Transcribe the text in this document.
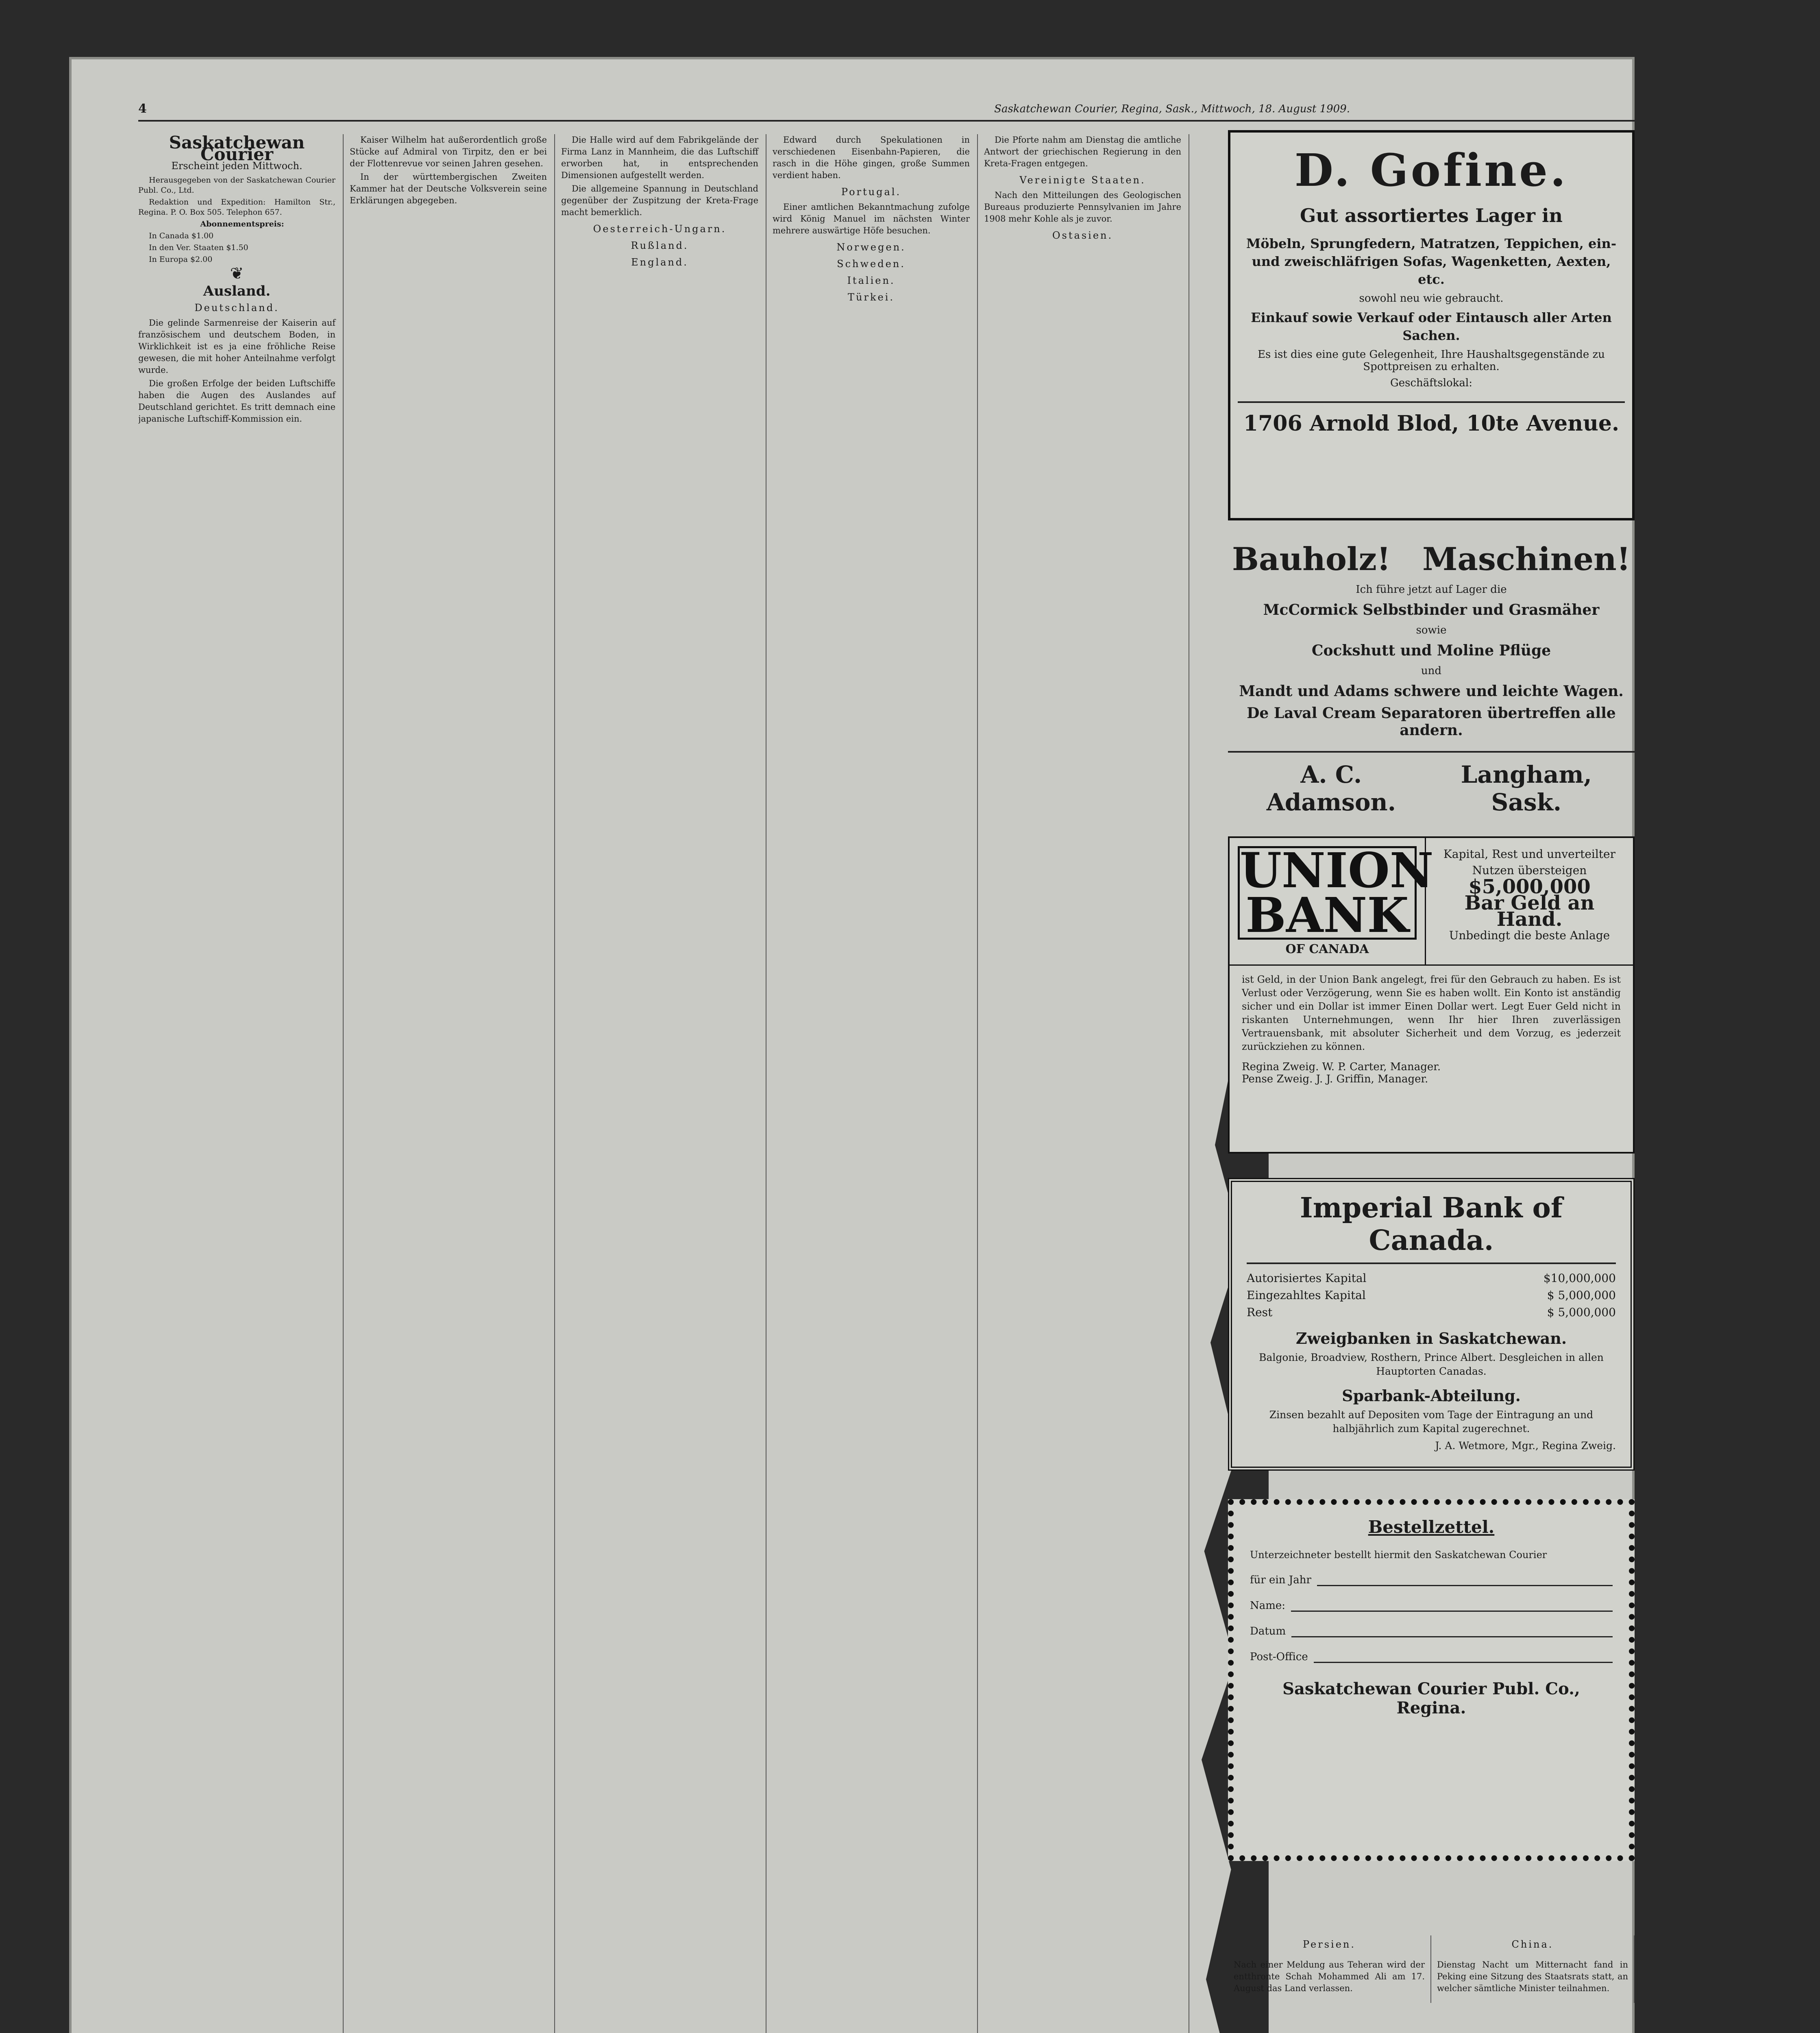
4	Saskatchewan Courier, Regina, Sask., Mittwoch, 18. August 1909.
Saskatchewan Courier
Erscheint jeden Mittwoch.

Herausgegeben von der Saskatchewan Courier Publ. Co., Ltd.

Redaktion und Expedition: Hamilton Str., Regina. P. O. Box 505. Telephon 657.

Abonnementspreis:

In Canada $1.00

In den Ver. Staaten $1.50

In Europa $2.00

❦
Ausland.
Deutschland.

Die gelinde Sarmenreise der Kaiserin auf französischem und deutschem Boden, in Wirklichkeit ist es ja eine fröhliche Reise gewesen, die mit hoher Anteilnahme verfolgt wurde.

Die großen Erfolge der beiden Luftschiffe haben die Augen des Auslandes auf Deutschland gerichtet. Es tritt demnach eine japanische Luftschiff-Kommission ein.

Kaiser Wilhelm hat außerordentlich große Stücke auf Admiral von Tirpitz, den er bei der Flottenrevue vor seinen Jahren gesehen.

In der württembergischen Zweiten Kammer hat der Deutsche Volksverein seine Erklärungen abgegeben.

Die Halle wird auf dem Fabrikgelände der Firma Lanz in Mannheim, die das Luftschiff erworben hat, in entsprechenden Dimensionen aufgestellt werden.

Die allgemeine Spannung in Deutschland gegenüber der Zuspitzung der Kreta-Frage macht bemerklich.

Oesterreich-Ungarn.
Rußland.
England.

Edward durch Spekulationen in verschiedenen Eisenbahn-Papieren, die rasch in die Höhe gingen, große Summen verdient haben.

Portugal.

Einer amtlichen Bekanntmachung zufolge wird König Manuel im nächsten Winter mehrere auswärtige Höfe besuchen.

Norwegen.
Schweden.
Italien.
Türkei.

Die Pforte nahm am Dienstag die amtliche Antwort der griechischen Regierung in den Kreta-Fragen entgegen.

Vereinigte Staaten.

Nach den Mitteilungen des Geologischen Bureaus produzierte Pennsylvanien im Jahre 1908 mehr Kohle als je zuvor.

Ostasien.
D. Gofine.
Gut assortiertes Lager in
Möbeln, Sprungfedern, Matratzen, Teppichen, ein- und zweischläfrigen Sofas, Wagenketten, Aexten, etc.
sowohl neu wie gebraucht.
Einkauf sowie Verkauf oder Eintausch aller Arten Sachen.
Es ist dies eine gute Gelegenheit, Ihre Haushaltsgegenstände zu Spottpreisen zu erhalten.
Geschäftslokal:
1706 Arnold Blod, 10te Avenue.
Bauholz! Maschinen!
Ich führe jetzt auf Lager die
McCormick Selbstbinder und Grasmäher
sowie
Cockshutt und Moline Pflüge
und
Mandt und Adams schwere und leichte Wagen.
De Laval Cream Separatoren übertreffen alle andern.
A. C. Adamson.
Langham, Sask.
UNION BANK
OF CANADA
Kapital, Rest und unverteilter Nutzen übersteigen
$5,000,000
Bar Geld an Hand.
Unbedingt die beste Anlage
ist Geld, in der Union Bank angelegt, frei für den Gebrauch zu haben. Es ist Verlust oder Verzögerung, wenn Sie es haben wollt. Ein Konto ist anständig sicher und ein Dollar ist immer Einen Dollar wert. Legt Euer Geld nicht in riskanten Unternehmungen, wenn Ihr hier Ihren zuverlässigen Vertrauensbank, mit absoluter Sicherheit und dem Vorzug, es jederzeit zurückziehen zu können.
Regina Zweig. W. P. Carter, Manager.
Pense Zweig. J. J. Griffin, Manager.
Imperial Bank of Canada.
Autorisiertes Kapital	$10,000,000
Eingezahltes Kapital	$ 5,000,000
Rest	$ 5,000,000
Zweigbanken in Saskatchewan.
Balgonie, Broadview, Rosthern, Prince Albert. Desgleichen in allen Hauptorten Canadas.
Sparbank-Abteilung.
Zinsen bezahlt auf Depositen vom Tage der Eintragung an und halbjährlich zum Kapital zugerechnet.
J. A. Wetmore, Mgr., Regina Zweig.
Bestellzettel.
Unterzeichneter bestellt hiermit den Saskatchewan Courier
für ein Jahr
Name:
Datum
Post-Office
Saskatchewan Courier Publ. Co., Regina.
Persien.

Nach einer Meldung aus Teheran wird der entthronte Schah Mohammed Ali am 17. August das Land verlassen.

China.

Dienstag Nacht um Mitternacht fand in Peking eine Sitzung des Staatsrats statt, an welcher sämtliche Minister teilnahmen.
